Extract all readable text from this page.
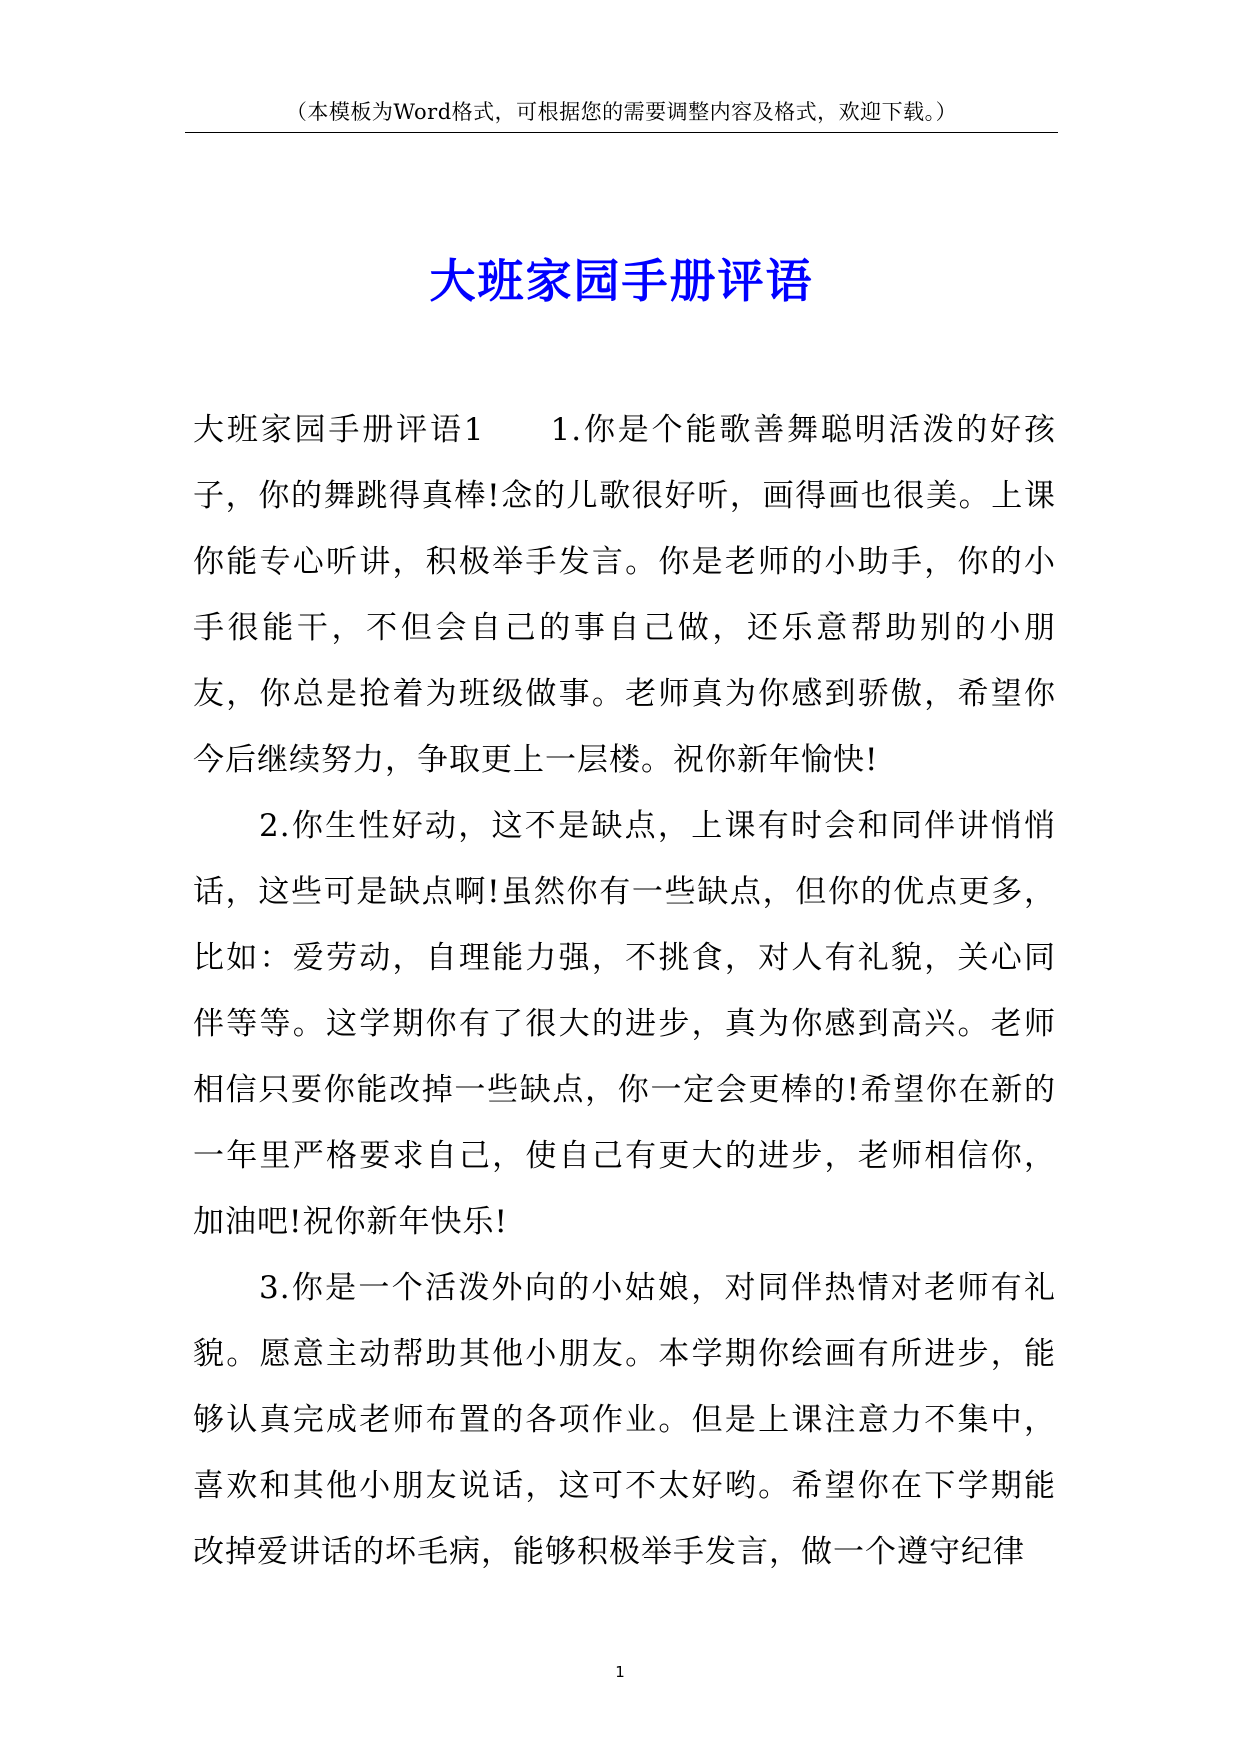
（本模板为Word格式，可根据您的需要调整内容及格式，欢迎下载。）
大班家园手册评语

大班家园手册评语1 1.你是个能歌善舞聪明活泼的好孩子，你的舞跳得真棒!念的儿歌很好听，画得画也很美。上课你能专心听讲，积极举手发言。你是老师的小助手，你的小手很能干，不但会自己的事自己做，还乐意帮助别的小朋友，你总是抢着为班级做事。老师真为你感到骄傲，希望你今后继续努力，争取更上一层楼。祝你新年愉快!

2.你生性好动，这不是缺点，上课有时会和同伴讲悄悄话，这些可是缺点啊!虽然你有一些缺点，但你的优点更多，比如：爱劳动，自理能力强，不挑食，对人有礼貌，关心同伴等等。这学期你有了很大的进步，真为你感到高兴。老师相信只要你能改掉一些缺点，你一定会更棒的!希望你在新的一年里严格要求自己，使自己有更大的进步，老师相信你，加油吧!祝你新年快乐!

3.你是一个活泼外向的小姑娘，对同伴热情对老师有礼貌。愿意主动帮助其他小朋友。本学期你绘画有所进步，能够认真完成老师布置的各项作业。但是上课注意力不集中，喜欢和其他小朋友说话，这可不太好哟。希望你在下学期能改掉爱讲话的坏毛病，能够积极举手发言，做一个遵守纪律

1
